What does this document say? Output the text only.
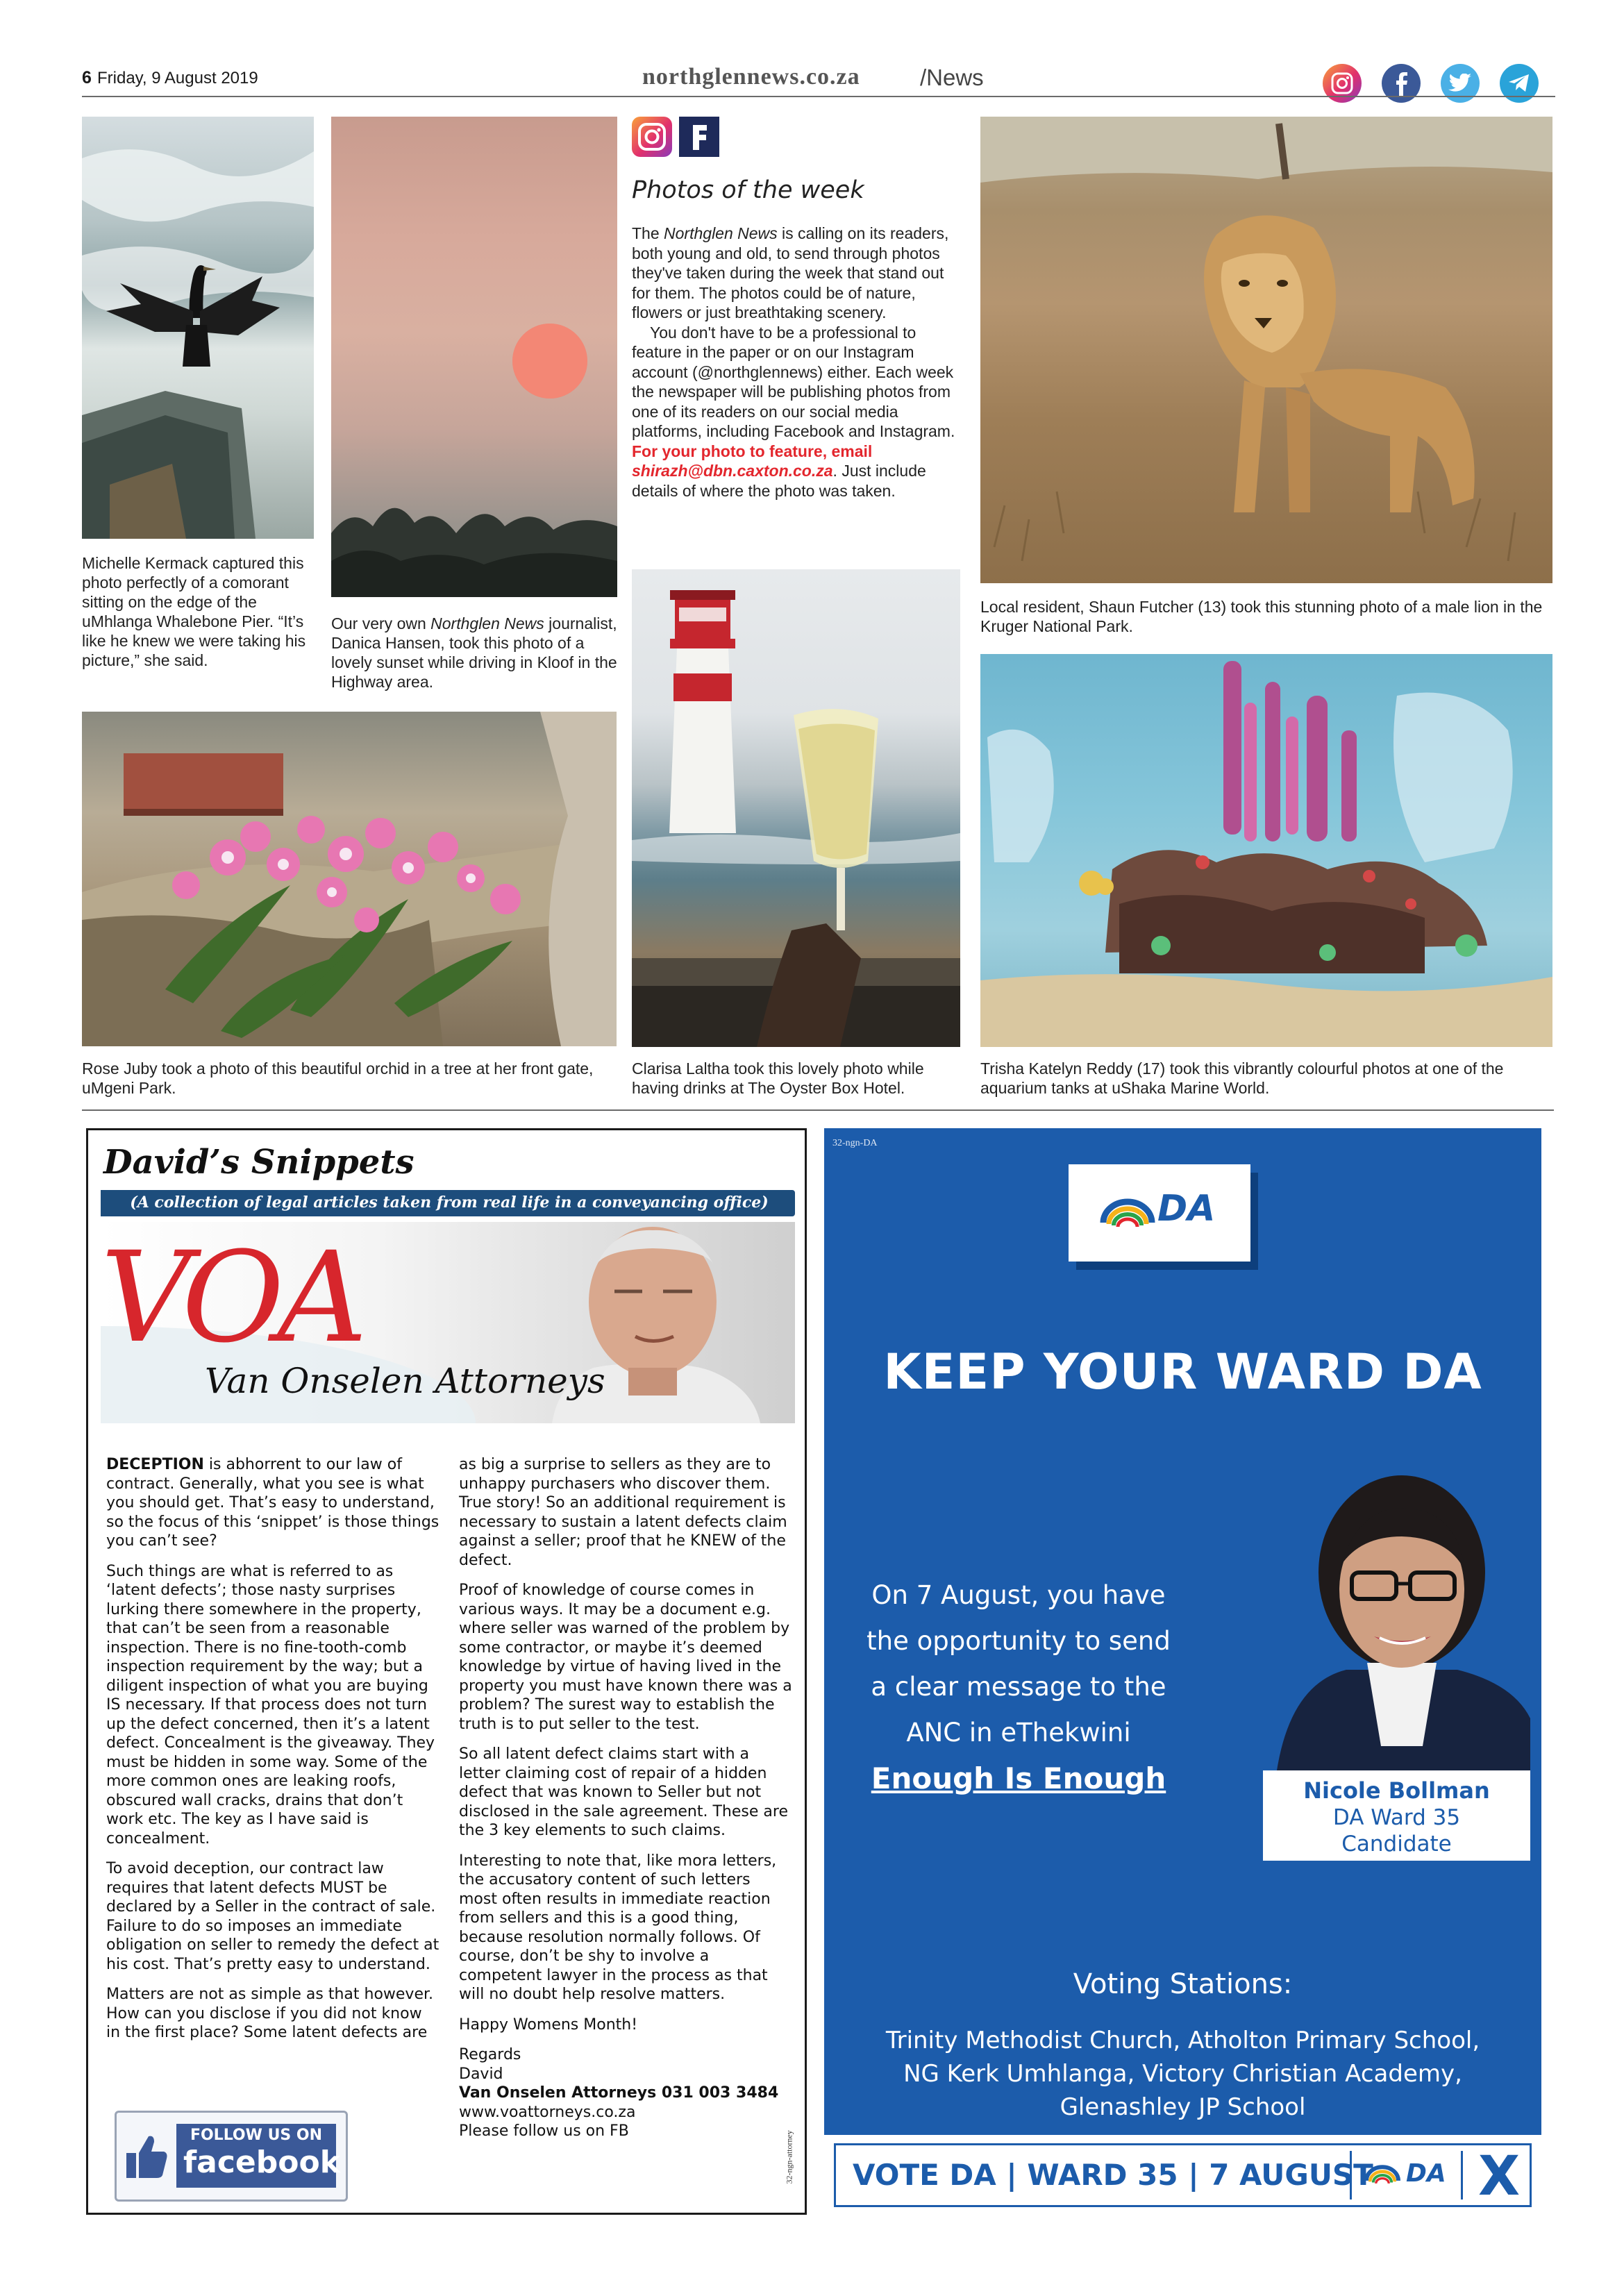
6 Friday, 9 August 2019	northglennews.co.za	/News
Michelle Kermack captured this photo perfectly of a comorant sitting on the edge of the uMhlanga Whalebone Pier. “It’s like he knew we were taking his picture,” she said.
Our very own Northglen News journalist, Danica Hansen, took this photo of a lovely sunset while driving in Kloof in the Highway area.
Photos of the week

The Northglen News is calling on its readers, both young and old, to send through photos they've taken during the week that stand out for them. The photos could be of nature, flowers or just breathtaking scenery.

You don't have to be a professional to feature in the paper or on our Instagram account (@northglennews) either. Each week the newspaper will be publishing photos from one of its readers on our social media platforms, including Facebook and Instagram. For your photo to feature, email shirazh@dbn.caxton.co.za. Just include details of where the photo was taken.

Local resident, Shaun Futcher (13) took this stunning photo of a male lion in the Kruger National Park.
Rose Juby took a photo of this beautiful orchid in a tree at her front gate, uMgeni Park.
Clarisa Laltha took this lovely photo while having drinks at The Oyster Box Hotel.
Trisha Katelyn Reddy (17) took this vibrantly colourful photos at one of the aquarium tanks at uShaka Marine World.
David’s Snippets
(A collection of legal articles taken from real life in a conveyancing office)
VOA
Van Onselen Attorneys

DECEPTION is abhorrent to our law of contract. Generally, what you see is what you should get. That’s easy to understand, so the focus of this ‘snippet’ is those things you can’t see?

Such things are what is referred to as ‘latent defects’; those nasty surprises lurking there somewhere in the property, that can’t be seen from a reasonable inspection. There is no fine-tooth-comb inspection requirement by the way; but a diligent inspection of what you are buying IS necessary. If that process does not turn up the defect concerned, then it’s a latent defect. Concealment is the giveaway. They must be hidden in some way. Some of the more common ones are leaking roofs, obscured wall cracks, drains that don’t work etc. The key as I have said is concealment.

To avoid deception, our contract law requires that latent defects MUST be declared by a Seller in the contract of sale. Failure to do so imposes an immediate obligation on seller to remedy the defect at his cost. That’s pretty easy to understand.

Matters are not as simple as that however. How can you disclose if you did not know in the first place? Some latent defects are

as big a surprise to sellers as they are to unhappy purchasers who discover them. True story! So an additional requirement is necessary to sustain a latent defects claim against a seller; proof that he KNEW of the defect.

Proof of knowledge of course comes in various ways. It may be a document e.g. where seller was warned of the problem by some contractor, or maybe it’s deemed knowledge by virtue of having lived in the property you must have known there was a problem? The surest way to establish the truth is to put seller to the test.

So all latent defect claims start with a letter claiming cost of repair of a hidden defect that was known to Seller but not disclosed in the sale agreement. These are the 3 key elements to such claims.

Interesting to note that, like mora letters, the accusatory content of such letters most often results in immediate reaction from sellers and this is a good thing, because resolution normally follows. Of course, don’t be shy to involve a competent lawyer in the process as that will no doubt help resolve matters.

Happy Womens Month!

Regards
David
Van Onselen Attorneys 031 003 3484
www.voattorneys.co.za
Please follow us on FB	32-ngn-attorney
FOLLOW US ON
facebook
32-ngn-DA
DA
KEEP YOUR WARD DA
On 7 August, you have
the opportunity to send
a clear message to the
ANC in eThekwini
Enough Is Enough	Nicole Bollman
DA Ward 35
Candidate
Voting Stations:
Trinity Methodist Church, Atholton Primary School,
NG Kerk Umhlanga, Victory Christian Academy,
Glenashley JP School
VOTE DA | WARD 35 | 7 AUGUST DA X
